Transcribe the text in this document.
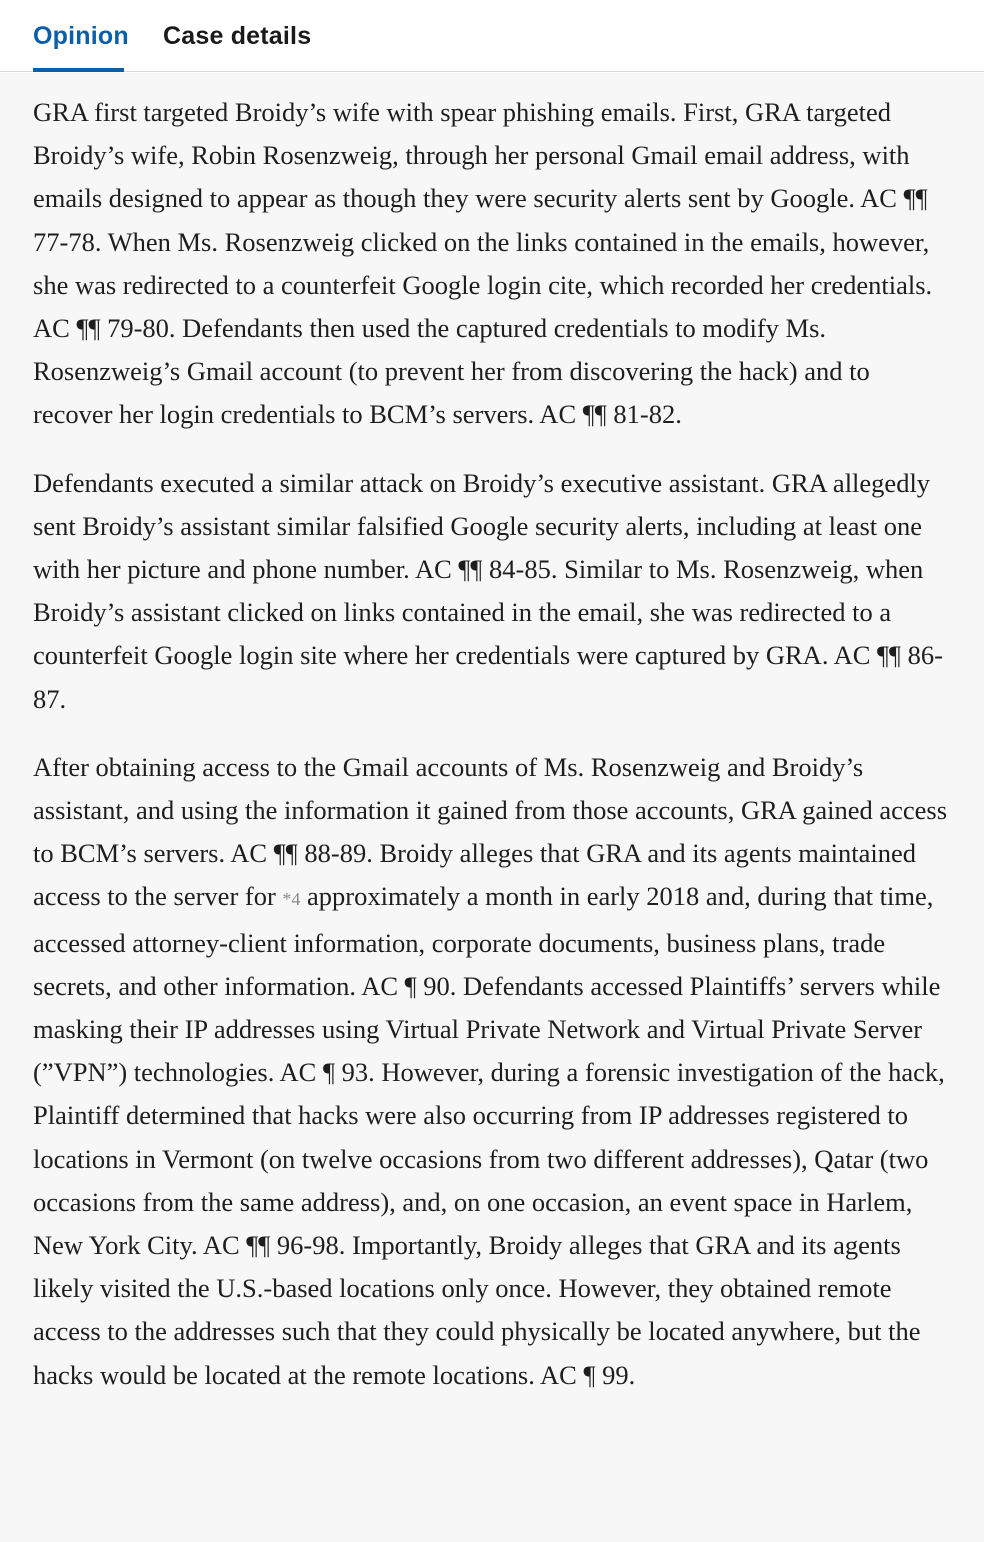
Opinion Case details

GRA first targeted Broidy’s wife with spear phishing emails. First, GRA targeted Broidy’s wife, Robin Rosenzweig, through her personal Gmail email address, with emails designed to appear as though they were security alerts sent by Google. AC ¶¶ 77-78. When Ms. Rosenzweig clicked on the links contained in the emails, however, she was redirected to a counterfeit Google login cite, which recorded her credentials. AC ¶¶ 79-80. Defendants then used the captured credentials to modify Ms. Rosenzweig’s Gmail account (to prevent her from discovering the hack) and to recover her login credentials to BCM’s servers. AC ¶¶ 81-82.

Defendants executed a similar attack on Broidy’s executive assistant. GRA allegedly sent Broidy’s assistant similar falsified Google security alerts, including at least one with her picture and phone number. AC ¶¶ 84-85. Similar to Ms. Rosenzweig, when Broidy’s assistant clicked on links contained in the email, she was redirected to a counterfeit Google login site where her credentials were captured by GRA. AC ¶¶ 86-87.

After obtaining access to the Gmail accounts of Ms. Rosenzweig and Broidy’s assistant, and using the information it gained from those accounts, GRA gained access to BCM’s servers. AC ¶¶ 88-89. Broidy alleges that GRA and its agents maintained access to the server for *4 approximately a month in early 2018 and, during that time, accessed attorney-client information, corporate documents, business plans, trade secrets, and other information. AC ¶ 90. Defendants accessed Plaintiffs’ servers while masking their IP addresses using Virtual Private Network and Virtual Private Server (”VPN”) technologies. AC ¶ 93. However, during a forensic investigation of the hack, Plaintiff determined that hacks were also occurring from IP addresses registered to locations in Vermont (on twelve occasions from two different addresses), Qatar (two occasions from the same address), and, on one occasion, an event space in Harlem, New York City. AC ¶¶ 96-98. Importantly, Broidy alleges that GRA and its agents likely visited the U.S.-based locations only once. However, they obtained remote access to the addresses such that they could physically be located anywhere, but the hacks would be located at the remote locations. AC ¶ 99.
